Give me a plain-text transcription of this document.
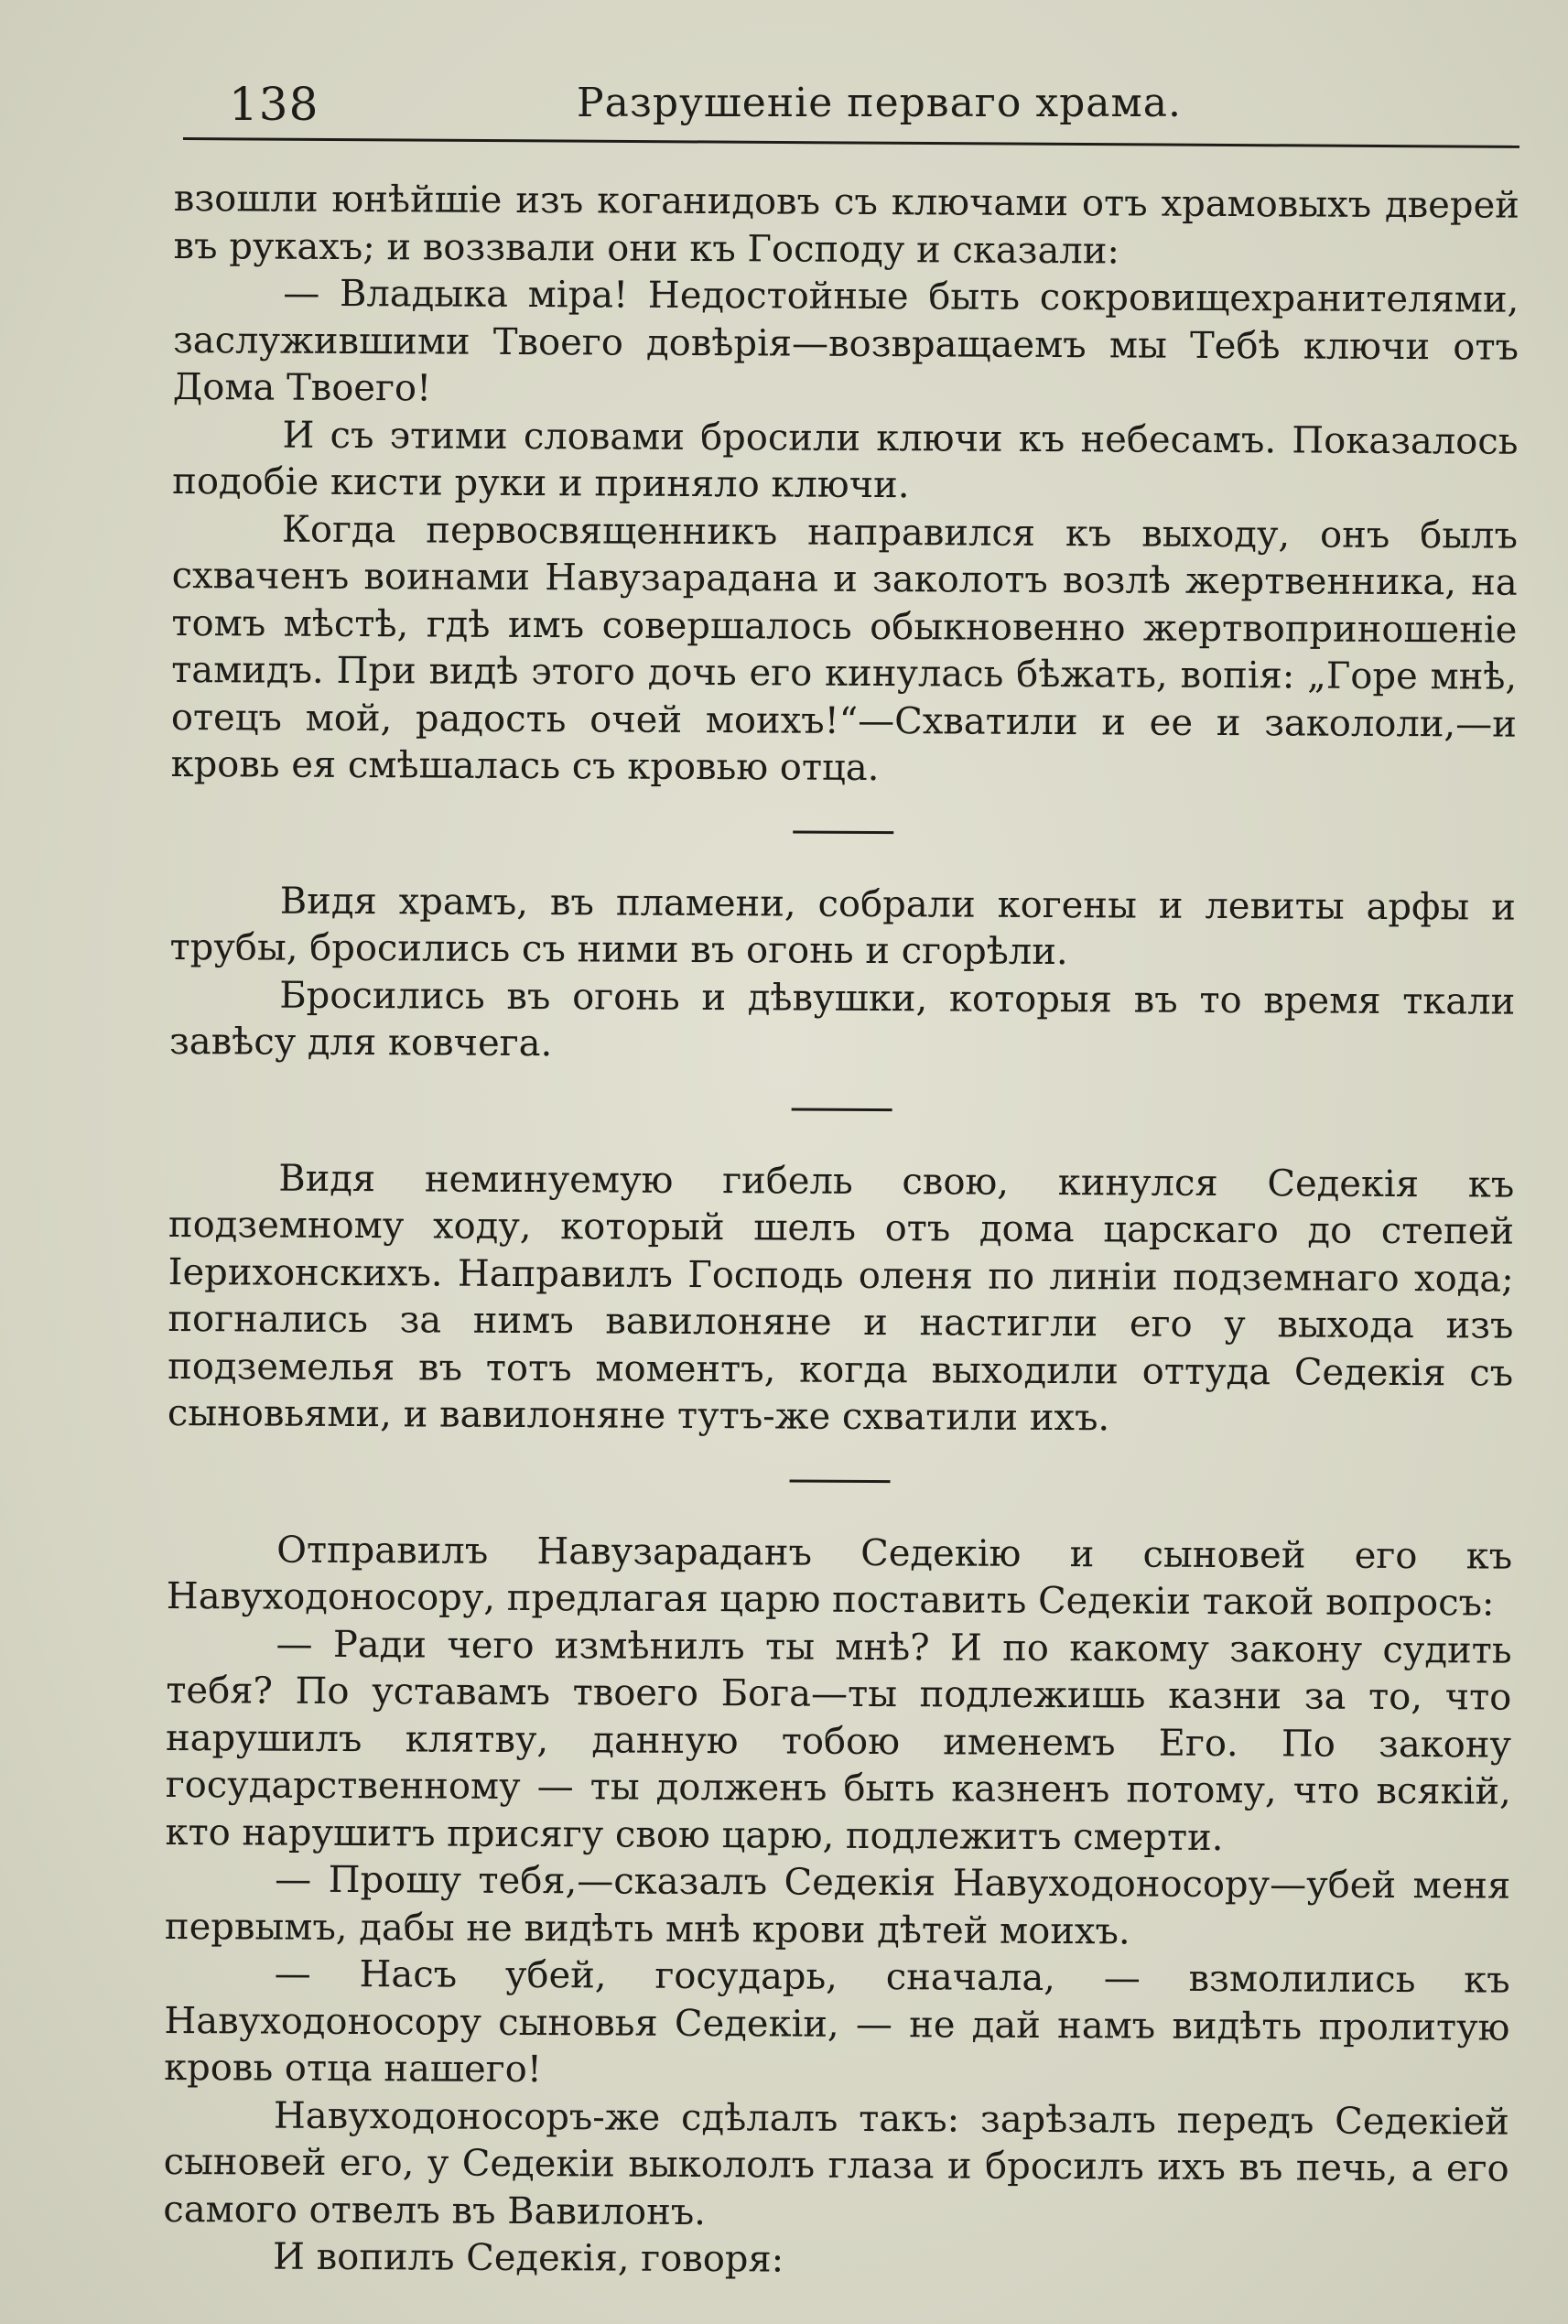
138	Разрушеніе перваго храма.

взошли юнѣйшіе изъ коганидовъ съ ключами отъ храмовыхъ дверей въ рукахъ; и воззвали они къ Господу и сказали:

— Владыка міра! Недостойные быть сокровищехранителями, заслужившими Твоего довѣрія—возвращаемъ мы Тебѣ ключи отъ Дома Твоего!

И съ этими словами бросили ключи къ небесамъ. Показалось подобіе кисти руки и приняло ключи.

Когда первосвященникъ направился къ выходу, онъ былъ схваченъ воинами Навузарадана и заколотъ возлѣ жертвенника, на томъ мѣстѣ, гдѣ имъ совершалось обыкновенно жертвоприношеніе тамидъ. При видѣ этого дочь его кинулась бѣжать, вопія: „Горе мнѣ, отецъ мой, радость очей моихъ!“—Схватили и ее и закололи,—и кровь ея смѣшалась съ кровью отца.

Видя храмъ, въ пламени, собрали когены и левиты арфы и трубы, бросились съ ними въ огонь и сгорѣли.

Бросились въ огонь и дѣвушки, которыя въ то время ткали завѣсу для ковчега.

Видя неминуемую гибель свою, кинулся Седекія къ подземному ходу, который шелъ отъ дома царскаго до степей Іерихонскихъ. Направилъ Господь оленя по линіи подземнаго хода; погнались за нимъ вавилоняне и настигли его у выхода изъ подземелья въ тотъ моментъ, когда выходили оттуда Седекія съ сыновьями, и вавилоняне тутъ-же схватили ихъ.

Отправилъ Навузараданъ Седекію и сыновей его къ Навуходоносору, предлагая царю поставить Седекіи такой вопросъ:

— Ради чего измѣнилъ ты мнѣ? И по какому закону судить тебя? По уставамъ твоего Бога—ты подлежишь казни за то, что нарушилъ клятву, данную тобою именемъ Его. По закону государственному — ты долженъ быть казненъ потому, что всякій, кто нарушитъ присягу свою царю, подлежитъ смерти.

— Прошу тебя,—сказалъ Седекія Навуходоносору—убей меня первымъ, дабы не видѣть мнѣ крови дѣтей моихъ.

— Насъ убей, государь, сначала, — взмолились къ Навуходоносору сыновья Седекіи, — не дай намъ видѣть пролитую кровь отца нашего!

Навуходоносоръ-же сдѣлалъ такъ: зарѣзалъ передъ Седекіей сыновей его, у Седекіи выкололъ глаза и бросилъ ихъ въ печь, а его самого отвелъ въ Вавилонъ.

И вопилъ Седекія, говоря:
